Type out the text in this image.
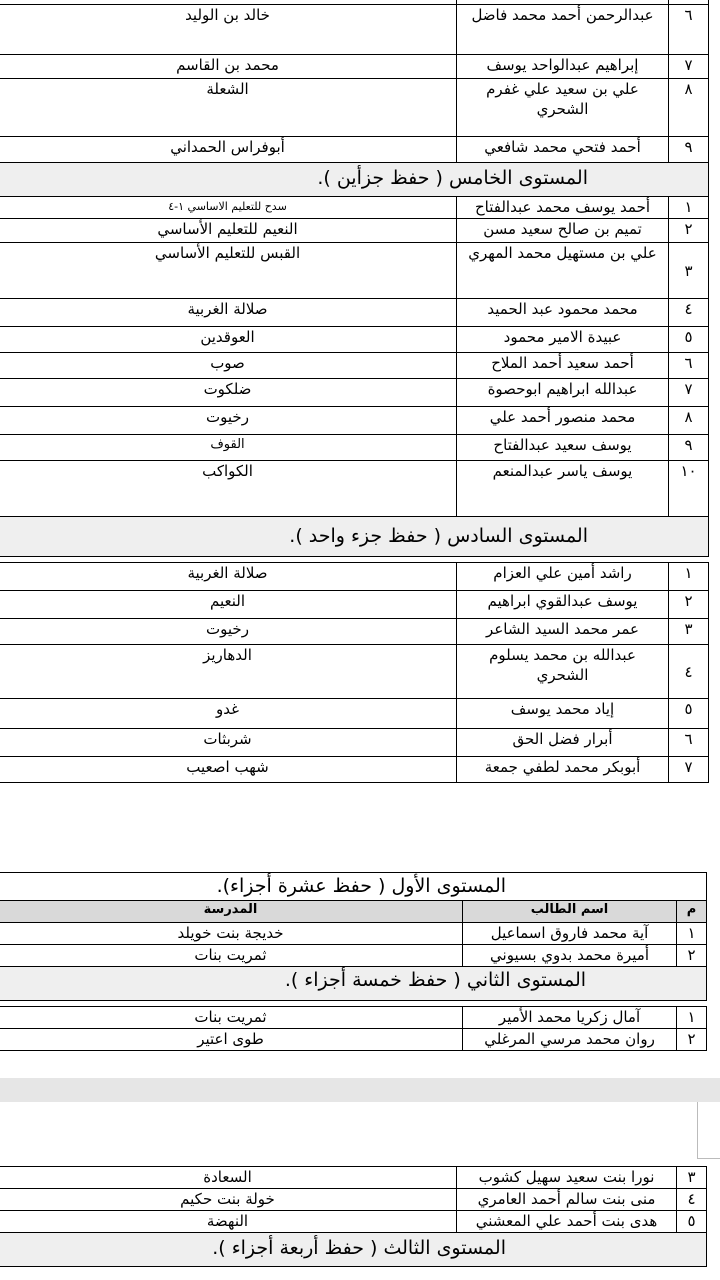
٦	عبدالرحمن أحمد محمد فاضل	خالد بن الوليد
٧	إبراهيم عبدالواحد يوسف	محمد بن القاسم
٨	علي بن سعيد علي غفرم الشحري	الشعلة
٩	أحمد فتحي محمد شافعي	أبوفراس الحمداني
المستوى الخامس ( حفظ جزأين ).		
١	أحمد يوسف محمد عبدالفتاح	سدح للتعليم الاساسي ١-٤
٢	تميم بن صالح سعيد مسن	النعيم للتعليم الأساسي
٣	علي بن مستهيل محمد المهري	القبس للتعليم الأساسي
٤	محمد محمود عبد الحميد	صلالة الغربية
٥	عبيدة الامير محمود	العوقدين
٦	أحمد سعيد أحمد الملاح	صوب
٧	عبدالله ابراهيم ابوحصوة	ضلكوت
٨	محمد منصور أحمد علي	رخيوت
٩	يوسف سعيد عبدالفتاح	القوف
١٠	يوسف ياسر عبدالمنعم	الكواكب
المستوى السادس ( حفظ جزء واحد ).		

١	راشد أمين علي العزام	صلالة الغربية
٢	يوسف عبدالقوي ابراهيم	النعيم
٣	عمر محمد السيد الشاعر	رخيوت
٤	عبدالله بن محمد يسلوم الشحري	الدهاريز
٥	إياد محمد يوسف	غدو
٦	أبرار فضل الحق	شربثات
٧	أبوبكر محمد لطفي جمعة	شهب اصعيب
المستوى الأول ( حفظ عشرة أجزاء).		
م	اسم الطالب	المدرسة
١	آية محمد فاروق اسماعيل	خديجة بنت خويلد
٢	أميرة محمد بدوي بسيوني	ثمريت بنات
المستوى الثاني ( حفظ خمسة أجزاء ).		

١	آمال زكريا محمد الأمير	ثمريت بنات
٢	روان محمد مرسي المرغلي	طوى اعتير
٣	نورا بنت سعيد سهيل كشوب	السعادة
٤	منى بنت سالم أحمد العامري	خولة بنت حكيم
٥	هدى بنت أحمد علي المعشني	النهضة
المستوى الثالث ( حفظ أربعة أجزاء ).		
